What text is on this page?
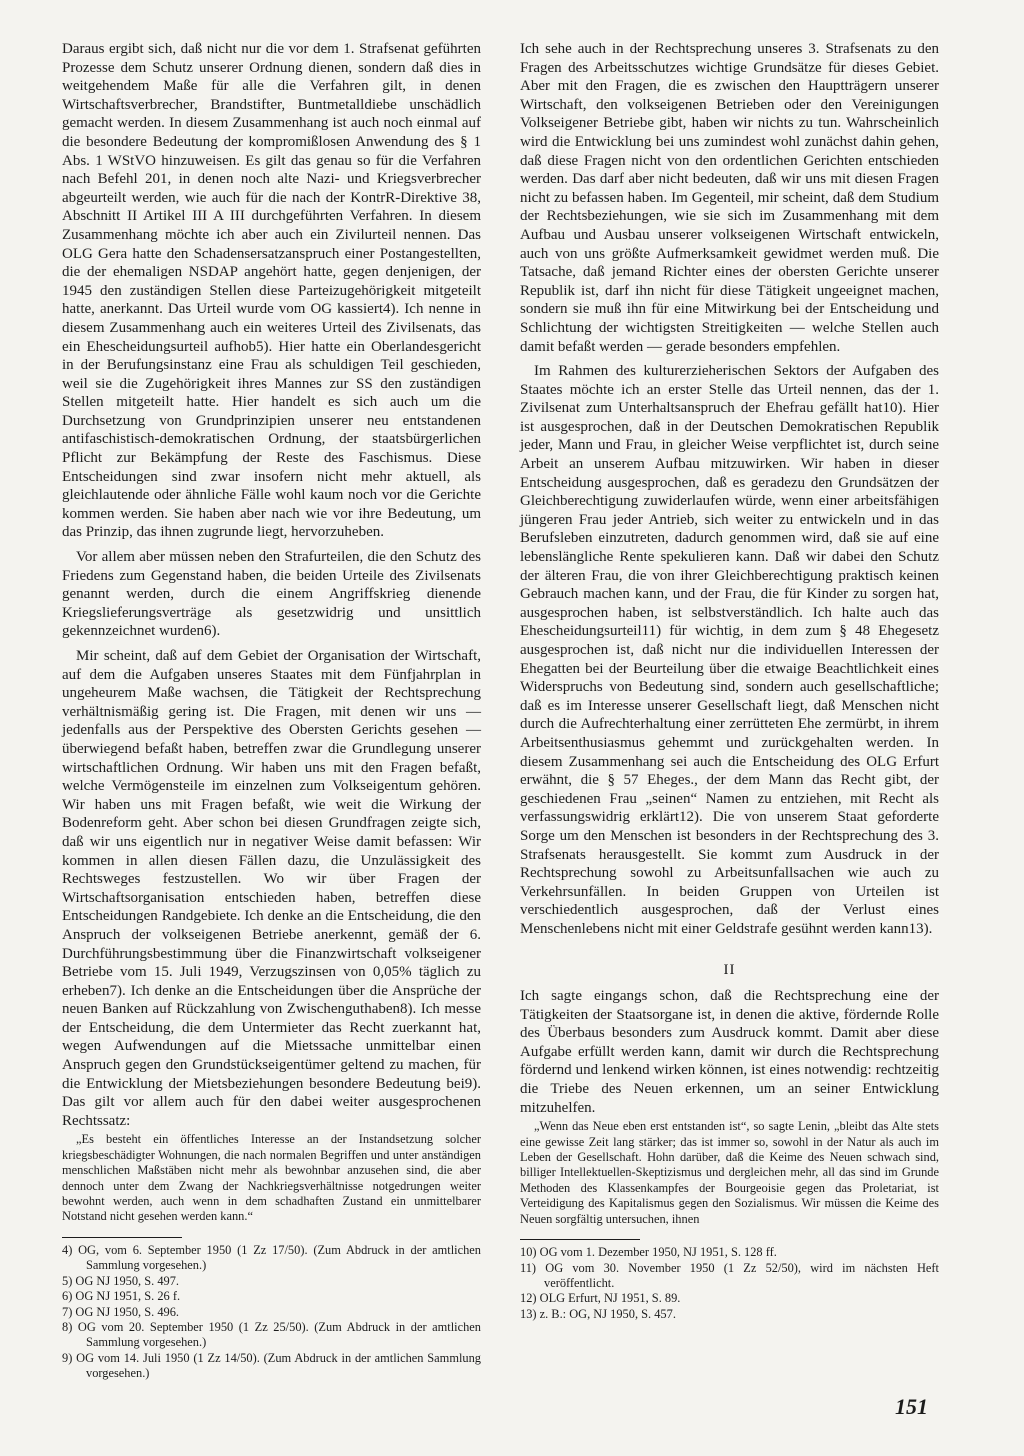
Daraus ergibt sich, daß nicht nur die vor dem 1. Strafsenat geführten Prozesse dem Schutz unserer Ordnung dienen, sondern daß dies in weitgehendem Maße für alle die Verfahren gilt, in denen Wirtschaftsverbrecher, Brandstifter, Buntmetalldiebe unschädlich gemacht werden. In diesem Zusammenhang ist auch noch einmal auf die besondere Bedeutung der kompromißlosen Anwendung des § 1 Abs. 1 WStVO hinzuweisen. Es gilt das genau so für die Verfahren nach Befehl 201, in denen noch alte Nazi- und Kriegsverbrecher abgeurteilt werden, wie auch für die nach der KontrR-Direktive 38, Abschnitt II Artikel III A III durchgeführten Verfahren. In diesem Zusammenhang möchte ich aber auch ein Zivilurteil nennen. Das OLG Gera hatte den Schadensersatzanspruch einer Postangestellten, die der ehemaligen NSDAP angehört hatte, gegen denjenigen, der 1945 den zuständigen Stellen diese Parteizugehörigkeit mitgeteilt hatte, anerkannt. Das Urteil wurde vom OG kassiert4). Ich nenne in diesem Zusammenhang auch ein weiteres Urteil des Zivilsenats, das ein Ehescheidungsurteil aufhob5). Hier hatte ein Oberlandesgericht in der Berufungsinstanz eine Frau als schuldigen Teil geschieden, weil sie die Zugehörigkeit ihres Mannes zur SS den zuständigen Stellen mitgeteilt hatte. Hier handelt es sich auch um die Durchsetzung von Grundprinzipien unserer neu entstandenen antifaschistisch-demokratischen Ordnung, der staatsbürgerlichen Pflicht zur Bekämpfung der Reste des Faschismus. Diese Entscheidungen sind zwar insofern nicht mehr aktuell, als gleichlautende oder ähnliche Fälle wohl kaum noch vor die Gerichte kommen werden. Sie haben aber nach wie vor ihre Bedeutung, um das Prinzip, das ihnen zugrunde liegt, hervorzuheben.

Vor allem aber müssen neben den Strafurteilen, die den Schutz des Friedens zum Gegenstand haben, die beiden Urteile des Zivilsenats genannt werden, durch die einem Angriffskrieg dienende Kriegslieferungsverträge als gesetzwidrig und unsittlich gekennzeichnet wurden6).

Mir scheint, daß auf dem Gebiet der Organisation der Wirtschaft, auf dem die Aufgaben unseres Staates mit dem Fünfjahrplan in ungeheurem Maße wachsen, die Tätigkeit der Rechtsprechung verhältnismäßig gering ist. Die Fragen, mit denen wir uns — jedenfalls aus der Perspektive des Obersten Gerichts gesehen — überwiegend befaßt haben, betreffen zwar die Grundlegung unserer wirtschaftlichen Ordnung. Wir haben uns mit den Fragen befaßt, welche Vermögensteile im einzelnen zum Volkseigentum gehören. Wir haben uns mit Fragen befaßt, wie weit die Wirkung der Bodenreform geht. Aber schon bei diesen Grundfragen zeigte sich, daß wir uns eigentlich nur in negativer Weise damit befassen: Wir kommen in allen diesen Fällen dazu, die Unzulässigkeit des Rechtsweges festzustellen. Wo wir über Fragen der Wirtschaftsorganisation entschieden haben, betreffen diese Entscheidungen Randgebiete. Ich denke an die Entscheidung, die den Anspruch der volkseigenen Betriebe anerkennt, gemäß der 6. Durchführungsbestimmung über die Finanzwirtschaft volkseigener Betriebe vom 15. Juli 1949, Verzugszinsen von 0,05% täglich zu erheben7). Ich denke an die Entscheidungen über die Ansprüche der neuen Banken auf Rückzahlung von Zwischenguthaben8). Ich messe der Entscheidung, die dem Untermieter das Recht zuerkannt hat, wegen Aufwendungen auf die Mietssache unmittelbar einen Anspruch gegen den Grundstückseigentümer geltend zu machen, für die Entwicklung der Mietsbeziehungen besondere Bedeutung bei9). Das gilt vor allem auch für den dabei weiter ausgesprochenen Rechtssatz:

„Es besteht ein öffentliches Interesse an der Instandsetzung solcher kriegsbeschädigter Wohnungen, die nach normalen Begriffen und unter anständigen menschlichen Maßstäben nicht mehr als bewohnbar anzusehen sind, die aber dennoch unter dem Zwang der Nachkriegsverhältnisse notgedrungen weiter bewohnt werden, auch wenn in dem schadhaften Zustand ein unmittelbarer Notstand nicht gesehen werden kann.“
4) OG, vom 6. September 1950 (1 Zz 17/50). (Zum Abdruck in der amtlichen Sammlung vorgesehen.)
5) OG NJ 1950, S. 497.
6) OG NJ 1951, S. 26 f.
7) OG NJ 1950, S. 496.
8) OG vom 20. September 1950 (1 Zz 25/50). (Zum Abdruck in der amtlichen Sammlung vorgesehen.)
9) OG vom 14. Juli 1950 (1 Zz 14/50). (Zum Abdruck in der amtlichen Sammlung vorgesehen.)

Ich sehe auch in der Rechtsprechung unseres 3. Strafsenats zu den Fragen des Arbeitsschutzes wichtige Grundsätze für dieses Gebiet. Aber mit den Fragen, die es zwischen den Hauptträgern unserer Wirtschaft, den volkseigenen Betrieben oder den Vereinigungen Volkseigener Betriebe gibt, haben wir nichts zu tun. Wahrscheinlich wird die Entwicklung bei uns zumindest wohl zunächst dahin gehen, daß diese Fragen nicht von den ordentlichen Gerichten entschieden werden. Das darf aber nicht bedeuten, daß wir uns mit diesen Fragen nicht zu befassen haben. Im Gegenteil, mir scheint, daß dem Studium der Rechtsbeziehungen, wie sie sich im Zusammenhang mit dem Aufbau und Ausbau unserer volkseigenen Wirtschaft entwickeln, auch von uns größte Aufmerksamkeit gewidmet werden muß. Die Tatsache, daß jemand Richter eines der obersten Gerichte unserer Republik ist, darf ihn nicht für diese Tätigkeit ungeeignet machen, sondern sie muß ihn für eine Mitwirkung bei der Entscheidung und Schlichtung der wichtigsten Streitigkeiten — welche Stellen auch damit befaßt werden — gerade besonders empfehlen.

Im Rahmen des kulturerzieherischen Sektors der Aufgaben des Staates möchte ich an erster Stelle das Urteil nennen, das der 1. Zivilsenat zum Unterhaltsanspruch der Ehefrau gefällt hat10). Hier ist ausgesprochen, daß in der Deutschen Demokratischen Republik jeder, Mann und Frau, in gleicher Weise verpflichtet ist, durch seine Arbeit an unserem Aufbau mitzuwirken. Wir haben in dieser Entscheidung ausgesprochen, daß es geradezu den Grundsätzen der Gleichberechtigung zuwiderlaufen würde, wenn einer arbeitsfähigen jüngeren Frau jeder Antrieb, sich weiter zu entwickeln und in das Berufsleben einzutreten, dadurch genommen wird, daß sie auf eine lebenslängliche Rente spekulieren kann. Daß wir dabei den Schutz der älteren Frau, die von ihrer Gleichberechtigung praktisch keinen Gebrauch machen kann, und der Frau, die für Kinder zu sorgen hat, ausgesprochen haben, ist selbstverständlich. Ich halte auch das Ehescheidungsurteil11) für wichtig, in dem zum § 48 Ehegesetz ausgesprochen ist, daß nicht nur die individuellen Interessen der Ehegatten bei der Beurteilung über die etwaige Beachtlichkeit eines Widerspruchs von Bedeutung sind, sondern auch gesellschaftliche; daß es im Interesse unserer Gesellschaft liegt, daß Menschen nicht durch die Aufrechterhaltung einer zerrütteten Ehe zermürbt, in ihrem Arbeitsenthusiasmus gehemmt und zurückgehalten werden. In diesem Zusammenhang sei auch die Entscheidung des OLG Erfurt erwähnt, die § 57 Eheges., der dem Mann das Recht gibt, der geschiedenen Frau „seinen“ Namen zu entziehen, mit Recht als verfassungswidrig erklärt12). Die von unserem Staat geforderte Sorge um den Menschen ist besonders in der Rechtsprechung des 3. Strafsenats herausgestellt. Sie kommt zum Ausdruck in der Rechtsprechung sowohl zu Arbeitsunfallsachen wie auch zu Verkehrsunfällen. In beiden Gruppen von Urteilen ist verschiedentlich ausgesprochen, daß der Verlust eines Menschenlebens nicht mit einer Geldstrafe gesühnt werden kann13).

II

Ich sagte eingangs schon, daß die Rechtsprechung eine der Tätigkeiten der Staatsorgane ist, in denen die aktive, fördernde Rolle des Überbaus besonders zum Ausdruck kommt. Damit aber diese Aufgabe erfüllt werden kann, damit wir durch die Rechtsprechung fördernd und lenkend wirken können, ist eines notwendig: rechtzeitig die Triebe des Neuen erkennen, um an seiner Entwicklung mitzuhelfen.

„Wenn das Neue eben erst entstanden ist“, so sagte Lenin, „bleibt das Alte stets eine gewisse Zeit lang stärker; das ist immer so, sowohl in der Natur als auch im Leben der Gesellschaft. Hohn darüber, daß die Keime des Neuen schwach sind, billiger Intellektuellen-Skeptizismus und dergleichen mehr, all das sind im Grunde Methoden des Klassenkampfes der Bourgeoisie gegen das Proletariat, ist Verteidigung des Kapitalismus gegen den Sozialismus. Wir müssen die Keime des Neuen sorgfältig untersuchen, ihnen
10) OG vom 1. Dezember 1950, NJ 1951, S. 128 ff.
11) OG vom 30. November 1950 (1 Zz 52/50), wird im nächsten Heft veröffentlicht.
12) OLG Erfurt, NJ 1951, S. 89.
13) z. B.: OG, NJ 1950, S. 457.
151
